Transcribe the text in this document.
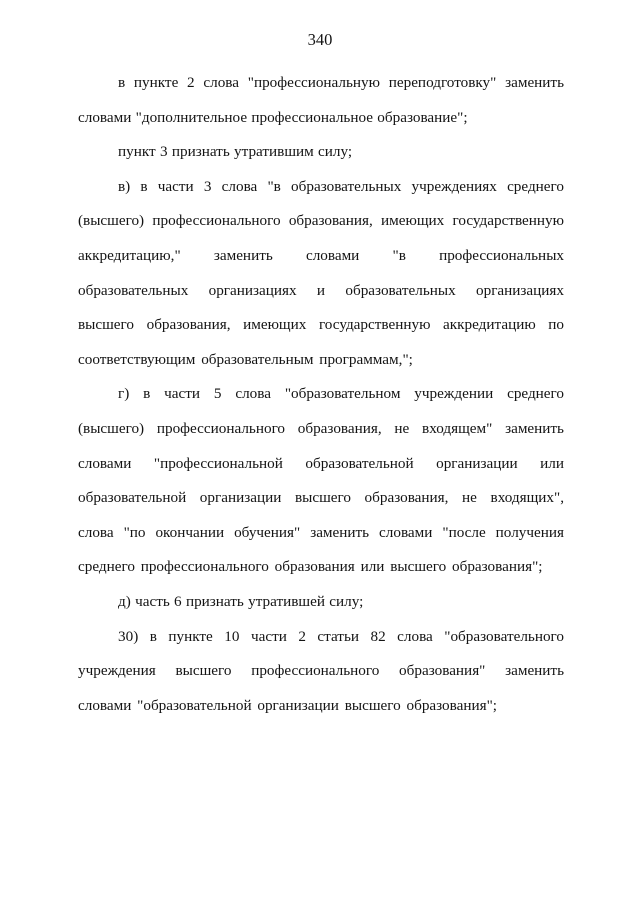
340

в пункте 2 слова "профессиональную переподготовку" заменить словами "дополнительное профессиональное образование";

пункт 3 признать утратившим силу;

в) в части 3 слова "в образовательных учреждениях среднего (высшего) профессионального образования, имеющих государственную аккредитацию," заменить словами "в профессиональных образовательных организациях и образовательных организациях высшего образования, имеющих государственную аккредитацию по соответствующим образовательным программам,";

г) в части 5 слова "образовательном учреждении среднего (высшего) профессионального образования, не входящем" заменить словами "профессиональной образовательной организации или образовательной организации высшего образования, не входящих", слова "по окончании обучения" заменить словами "после получения среднего профессионального образования или высшего образования";

д) часть 6 признать утратившей силу;

30) в пункте 10 части 2 статьи 82 слова "образовательного учреждения высшего профессионального образования" заменить словами "образовательной организации высшего образования";
